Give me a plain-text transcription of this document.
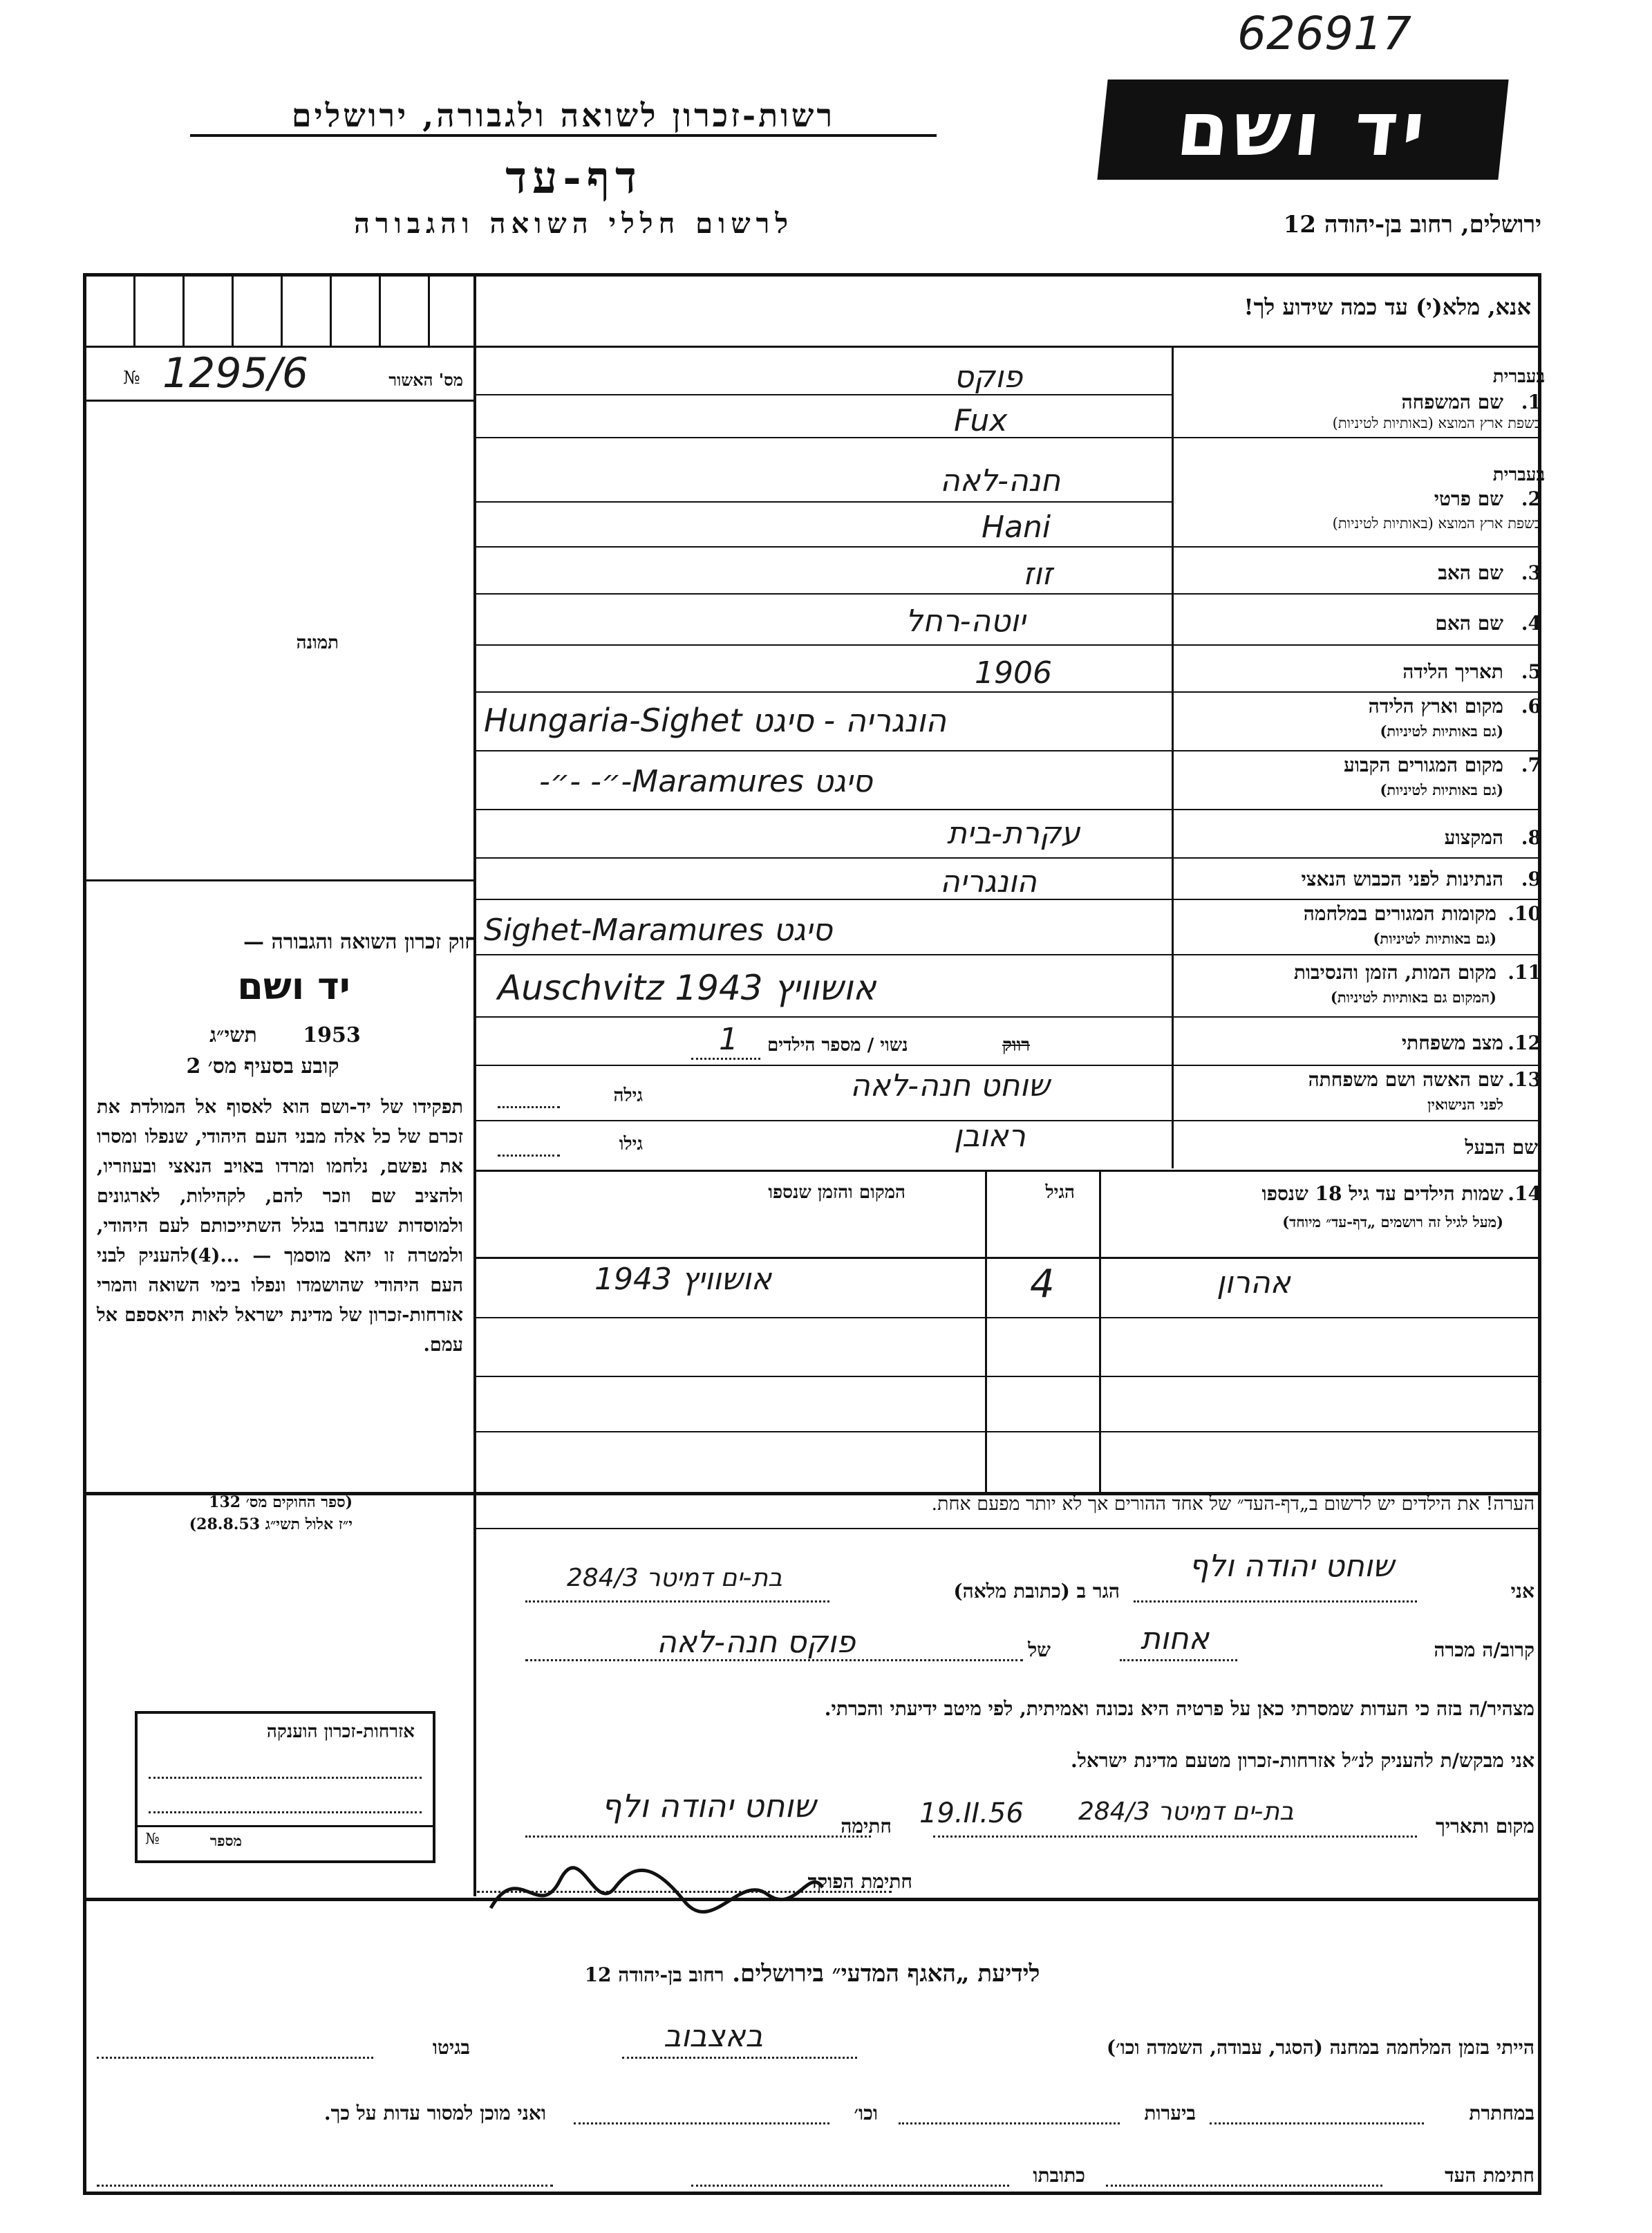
626917
יד ושם
רשות-זכרון לשואה ולגבורה, ירושלים
דף-עד
לרשום חללי השואה והגבורה	ירושלים, רחוב בן-יהודה 12
אנא, מלא(י) עד כמה שידוע לך!
מס' האשור
№ 1295/6
תמונה
בעברית
1.
שם המשפחה
בשפת ארץ המוצא (באותיות לטיניות)
פוקס
Fux
בעברית
2.
שם פרטי
בשפת ארץ המוצא (באותיות לטיניות)
חנה-לאה
Hani
3.
שם האב
זוז
4.
שם האם
יוטה-רחל
5.
תאריך הלידה
1906
6.
מקום וארץ הלידה
(גם באותיות לטיניות)
Hungaria-Sighet הונגריה - סיגט
7.
מקום המגורים הקבוע
(גם באותיות לטיניות)
-״- -״-Maramures סיגט
8.
המקצוע
עקרת-בית
9.
הנתינות לפני הכבוש הנאצי
הונגריה
10.
מקומות המגורים במלחמה
(גם באותיות לטיניות)
Sighet-Maramures סיגט
11.
מקום המות, הזמן והנסיבות
(המקום גם באותיות לטיניות)
Auschvitz 1943 אושוויץ
12.
מצב משפחתי
רווק
נשוי / מספר הילדים
1
13.
שם האשה ושם משפחתה
לפני הנישואין
גילה	שוחט חנה-לאה
שם הבעל
גילו	ראובן
14.
שמות הילדים עד גיל 18 שנספו
(מעל לגיל זה רושמים „דף-עד״ מיוחד)
הגיל
המקום והזמן שנספו
אהרון
4
אושוויץ 1943
חוק זכרון השואה והגבורה —
יד ושם
תשי״ג	1953
קובע בסעיף מס׳ 2
תפקידו של יד-ושם הוא לאסוף אל המולדת את זכרם של כל אלה מבני העם היהודי, שנפלו ומסרו את נפשם, נלחמו ומרדו באויב הנאצי ובעוזריו, ולהציב שם וזכר להם, לקהילות, לארגונים ולמוסדות שנחרבו בגלל השתייכותם לעם היהודי, ולמטרה זו יהא מוסמך — ...(4)להעניק לבני העם היהודי שהושמדו ונפלו בימי השואה והמרי אזרחות-זכרון של מדינת ישראל לאות היאספם אל עמם.
(ספר החוקים מס׳ 132
י״ז אלול תשי״ג 28.8.53)
אזרחות-זכרון הוענקה
מספר
№
הערה! את הילדים יש לרשום ב„דף-העד״ של אחד ההורים אך לא יותר מפעם אחת.
אני
שוחט יהודה ולף
הגר ב (כתובת מלאה)
בת-ים דמיטר 284/3
קרוב/ה מכרה
אחות
של
פוקס חנה-לאה
מצהיר/ה בזה כי העדות שמסרתי כאן על פרטיה היא נכונה ואמיתית, לפי מיטב ידיעתי והכרתי.
אני מבקש/ת להעניק לנ״ל אזרחות-זכרון מטעם מדינת ישראל.
מקום ותאריך
בת-ים דמיטר 284/3
19.II.56
חתימה
שוחט יהודה ולף
חתימת הפוקד
לידיעת „האגף המדעי״ בירושלים. רחוב בן-יהודה 12
הייתי בזמן המלחמה במחנה (הסגר, עבודה, השמדה וכו׳)
באצבוב
בגיטו
במחתרת
ביערות
וכו׳
ואני מוכן למסור עדות על כך.
חתימת העד
כתובתו
